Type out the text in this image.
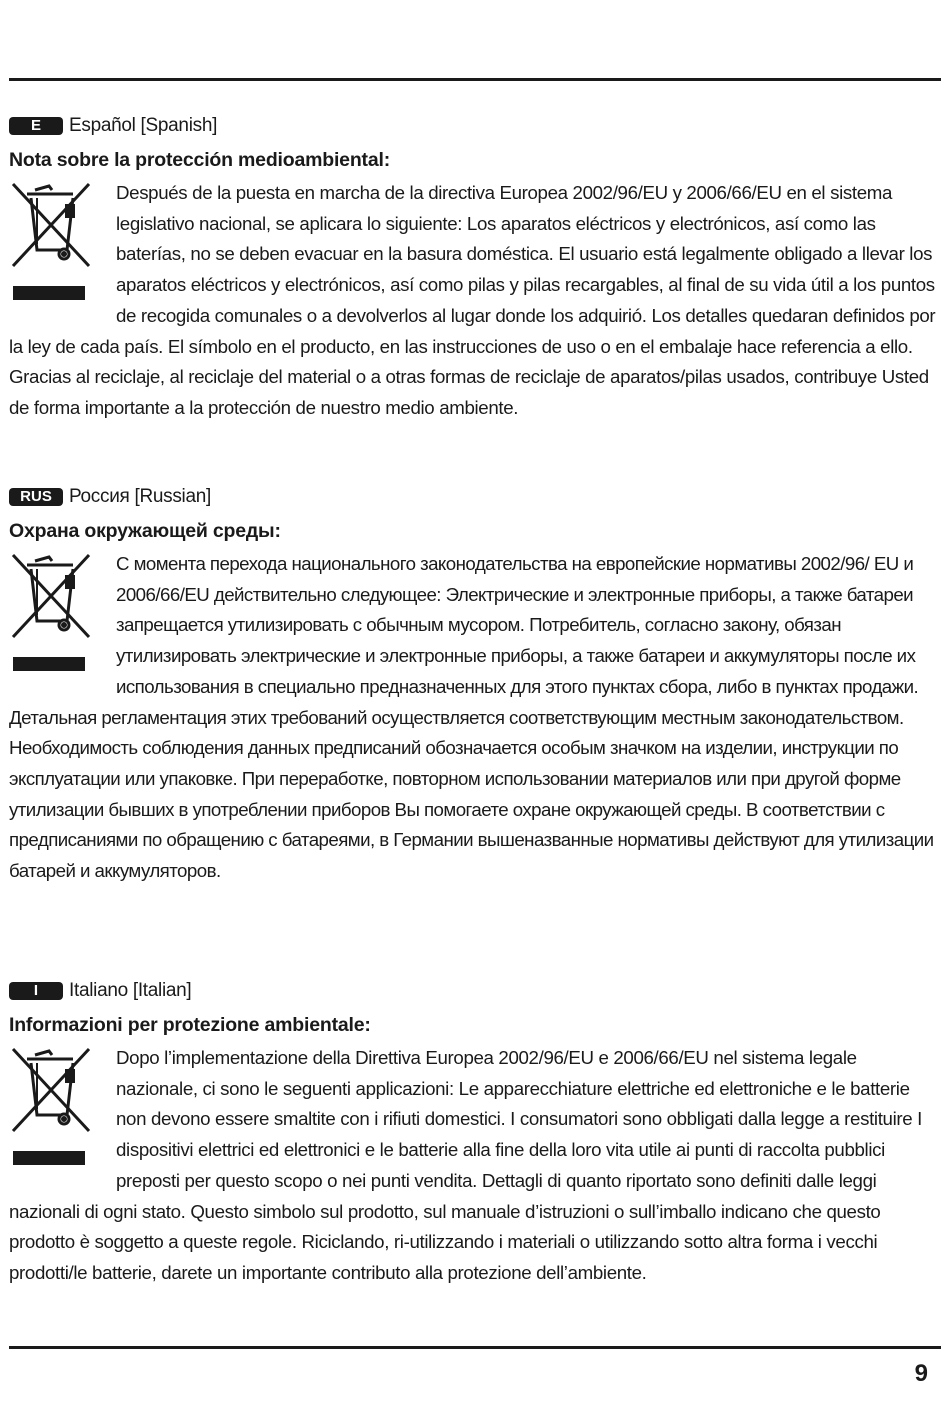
E	Español [Spanish]
Nota sobre la protección medioambiental:

Después de la puesta en marcha de la directiva Europea 2002/96/EU y 2006/66/EU en el sistema legislativo nacional, se aplicara lo siguiente: Los aparatos eléctricos y electrónicos, así como las baterías, no se deben evacuar en la basura doméstica. El usuario está legalmente obligado a llevar los aparatos eléctricos y electrónicos, así como pilas y pilas recargables, al final de su vida útil a los puntos de recogida comunales o a devolverlos al lugar donde los adquirió. Los detalles quedaran definidos por la ley de cada país. El símbolo en el producto, en las instrucciones de uso o en el embalaje hace referencia a ello. Gracias al reciclaje, al reciclaje del material o a otras formas de reciclaje de aparatos/pilas usados, contribuye Usted de forma importante a la protección de nuestro medio ambiente.

RUS Россия [Russian]
Охрана окружающей среды:

С момента перехода национального законодательства на европейские нормативы 2002/96/ EU и 2006/66/EU действительно следующее: Электрические и электронные приборы, а также батареи запрещается утилизировать с обычным мусором. Потребитель, согласно закону, обязан утилизировать электрические и электронные приборы, а также батареи и аккумуляторы после их использования в специально предназначенных для этого пунктах сбора, либо в пунктах продажи. Детальная регламентация этих требований осуществляется соответствующим местным законодательством. Необходимость соблюдения данных предписаний обозначается особым значком на изделии, инструкции по эксплуатации или упаковке. При переработке, повторном использовании материалов или при другой форме утилизации бывших в употреблении приборов Вы помогаете охране окружающей среды. В соответствии с предписаниями по обращению с батареями, в Германии вышеназванные нормативы действуют для утилизации батарей и аккумуляторов.

I	Italiano [Italian]
Informazioni per protezione ambientale:

Dopo l’implementazione della Direttiva Europea 2002/96/EU e 2006/66/EU nel sistema legale nazionale, ci sono le seguenti applicazioni: Le apparecchiature elettriche ed elettroniche e le batterie non devono essere smaltite con i rifiuti domestici. I consumatori sono obbligati dalla legge a restituire I dispositivi elettrici ed elettronici e le batterie alla fine della loro vita utile ai punti di raccolta pubblici preposti per questo scopo o nei punti vendita. Dettagli di quanto riportato sono definiti dalle leggi nazionali di ogni stato. Questo simbolo sul prodotto, sul manuale d’istruzioni o sull’imballo indicano che questo prodotto è soggetto a queste regole. Riciclando, ri-utilizzando i materiali o utilizzando sotto altra forma i vecchi prodotti/le batterie, darete un importante contributo alla protezione dell’ambiente.

9
